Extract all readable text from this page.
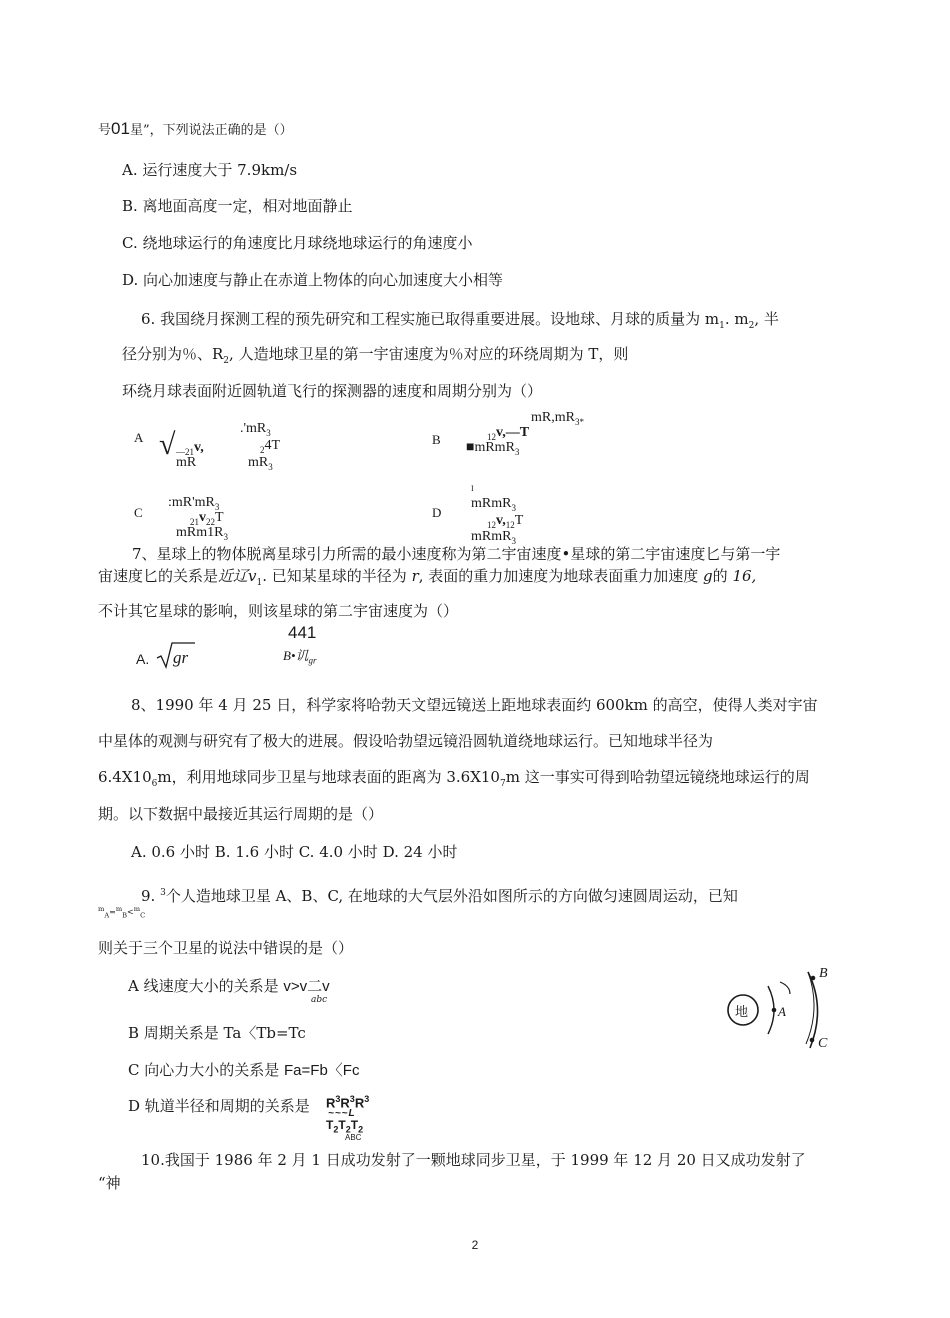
号01星”，下列说法正确的是（）
A. 运行速度大于 7.9km/s
B. 离地面高度一定，相对地面静止
C. 绕地球运行的角速度比月球绕地球运行的角速度小
D. 向心加速度与静止在赤道上物体的向心加速度大小相等
6. 我国绕月探测工程的预先研究和工程实施已取得重要进展。设地球、月球的质量为 $m_1$. $m_2$, 半
径分别为％、$R_2$, 人造地球卫星的第一宇宙速度为％对应的环绕周期为 T，则
环绕月球表面附近圆轨道飞行的探测器的速度和周期分别为（）
A √	$.'mR_3$
$_{—21}$v,	$_2$4T
mR	$mR_3$
B
$mR,mR_{3*}$
$_{12}$v,—T
■mRmR$_3$
C
$:mR'mR_3$
$_{21}v_{22}T$
$mRm1R_3$
D
I
mRmR$_3$
$_{12}v,_{12}T$
mRmR$_3$
7、星球上的物体脱离星球引力所需的最小速度称为第二宇宙速度•星球的第二宇宙速度匕与第一宇
宙速度匕的关系是近辽$v_1$. 已知某星球的半径为 r, 表面的重力加速度为地球表面重力加速度 g的 16,
不计其它星球的影响，则该星球的第二宇宙速度为（）
A. gr
441
B•讥$_{gr}$
8、1990 年 4 月 25 日，科学家将哈勃天文望远镜送上距地球表面约 600km 的高空，使得人类对宇宙
中星体的观测与研究有了极大的进展。假设哈勃望远镜沿圆轨道绕地球运行。已知地球半径为
$6.4X10_6m$，利用地球同步卫星与地球表面的距离为 $3.6X10_7m$ 这一事实可得到哈勃望远镜绕地球运行的周
期。以下数据中最接近其运行周期的是（）
A. 0.6 小时 B. 1.6 小时 C. 4.0 小时 D. 24 小时
9. $^3$个人造地球卫星 A、B、C, 在地球的大气层外沿如图所示的方向做匀速圆周运动，已知
$^m_A$=$^m_B$<$^m_C$
则关于三个卫星的说法中错误的是（）
A 线速度大小的关系是 v>v二v
abc
B 周期关系是 Ta〈Tb=Tc
C 向心力大小的关系是 Fa=Fb〈Fc
D 轨道半径和周期的关系是 $R^3R^3R^3$
~~~L
$T_2T_2T_2$
ABC
地 A
B
C
10.我国于 1986 年 2 月 1 日成功发射了一颗地球同步卫星，于 1999 年 12 月 20 日又成功发射了
“神
2
